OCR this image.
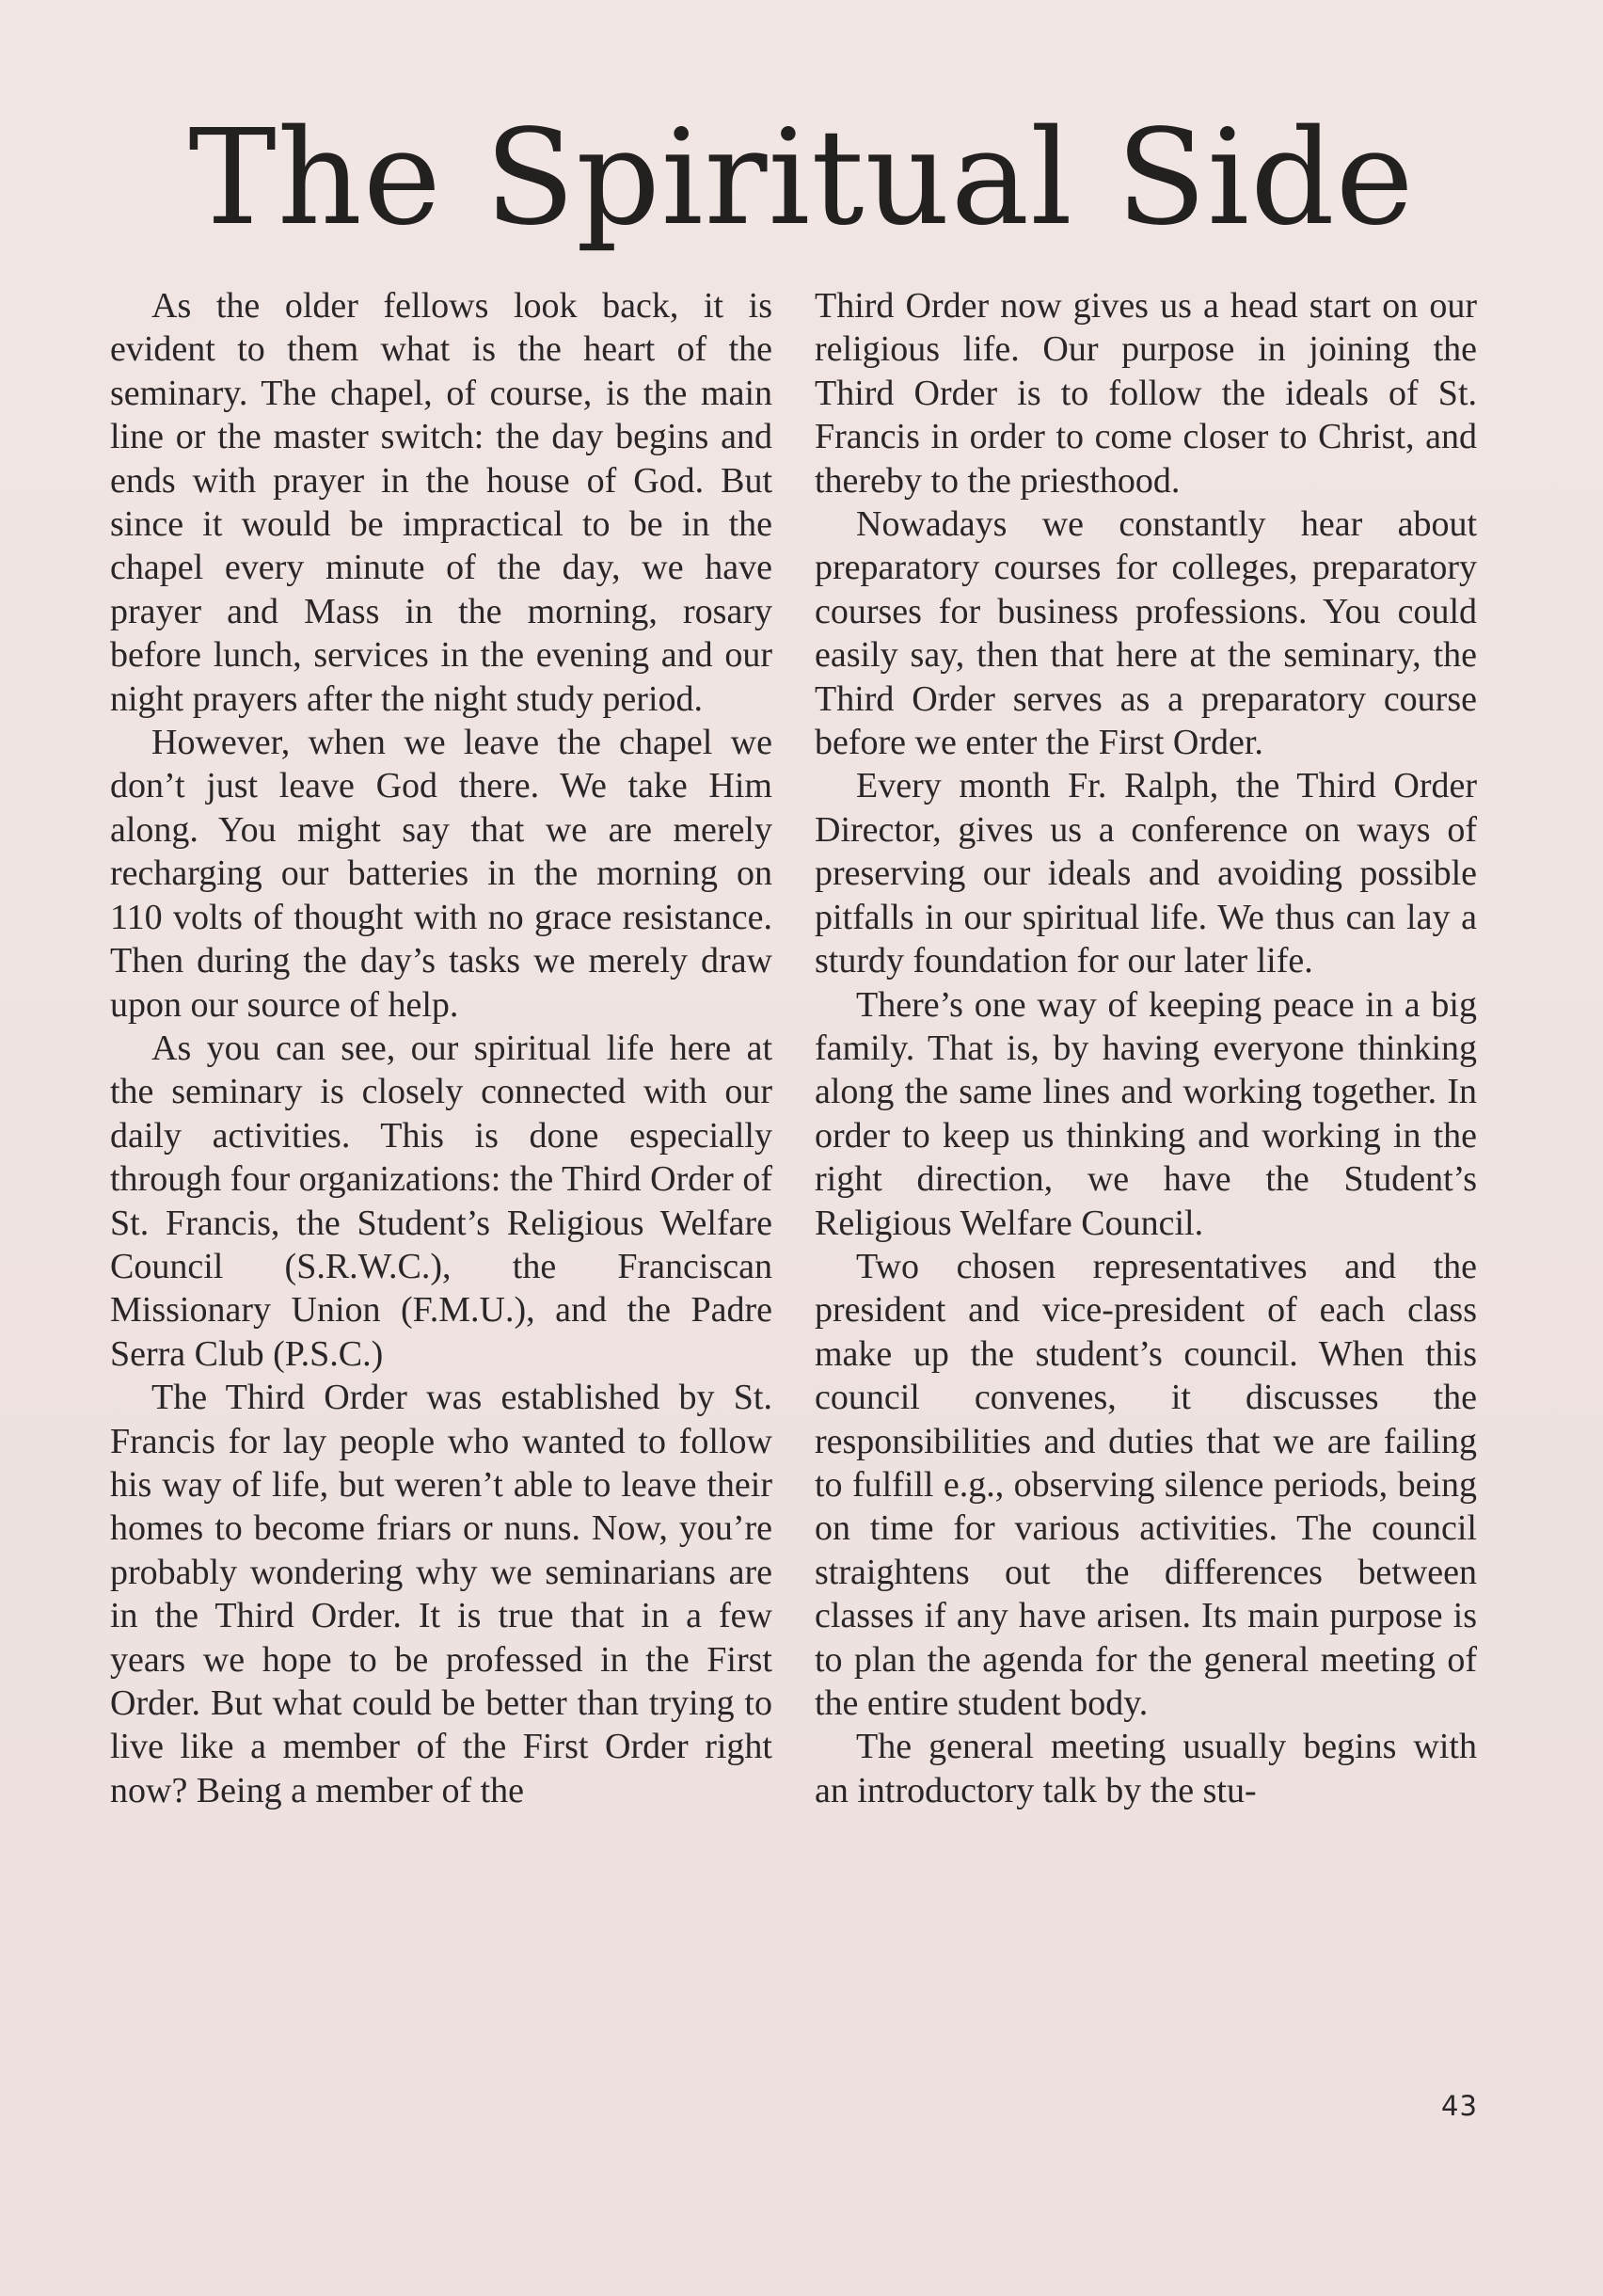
The Spiritual Side

As the older fellows look back, it is evident to them what is the heart of the seminary. The chapel, of course, is the main line or the master switch: the day begins and ends with prayer in the house of God. But since it would be impractical to be in the chapel every minute of the day, we have prayer and Mass in the morning, rosary before lunch, services in the evening and our night prayers after the night study period.

However, when we leave the chapel we don’t just leave God there. We take Him along. You might say that we are merely recharging our batteries in the morning on 110 volts of thought with no grace resistance. Then during the day’s tasks we merely draw upon our source of help.

As you can see, our spiritual life here at the seminary is closely connected with our daily activities. This is done especially through four organizations: the Third Order of St. Francis, the Student’s Religious Welfare Council (S.R.W.C.), the Franciscan Missionary Union (F.M.U.), and the Padre Serra Club (P.S.C.)

The Third Order was established by St. Francis for lay people who wanted to follow his way of life, but weren’t able to leave their homes to become friars or nuns. Now, you’re probably wondering why we seminarians are in the Third Order. It is true that in a few years we hope to be professed in the First Order. But what could be better than trying to live like a member of the First Order right now? Being a member of the

Third Order now gives us a head start on our religious life. Our purpose in joining the Third Order is to follow the ideals of St. Francis in order to come closer to Christ, and thereby to the priesthood.

Nowadays we constantly hear about preparatory courses for colleges, preparatory courses for business professions. You could easily say, then that here at the seminary, the Third Order serves as a preparatory course before we enter the First Order.

Every month Fr. Ralph, the Third Order Director, gives us a conference on ways of preserving our ideals and avoiding possible pitfalls in our spiritual life. We thus can lay a sturdy foundation for our later life.

There’s one way of keeping peace in a big family. That is, by having everyone thinking along the same lines and working together. In order to keep us thinking and working in the right direction, we have the Student’s Religious Welfare Council.

Two chosen representatives and the president and vice-president of each class make up the student’s council. When this council convenes, it discusses the responsibilities and duties that we are failing to fulfill e.g., observing silence periods, being on time for various activities. The council straightens out the differences between classes if any have arisen. Its main purpose is to plan the agenda for the general meeting of the entire student body.

The general meeting usually begins with an introductory talk by the stu-

43
